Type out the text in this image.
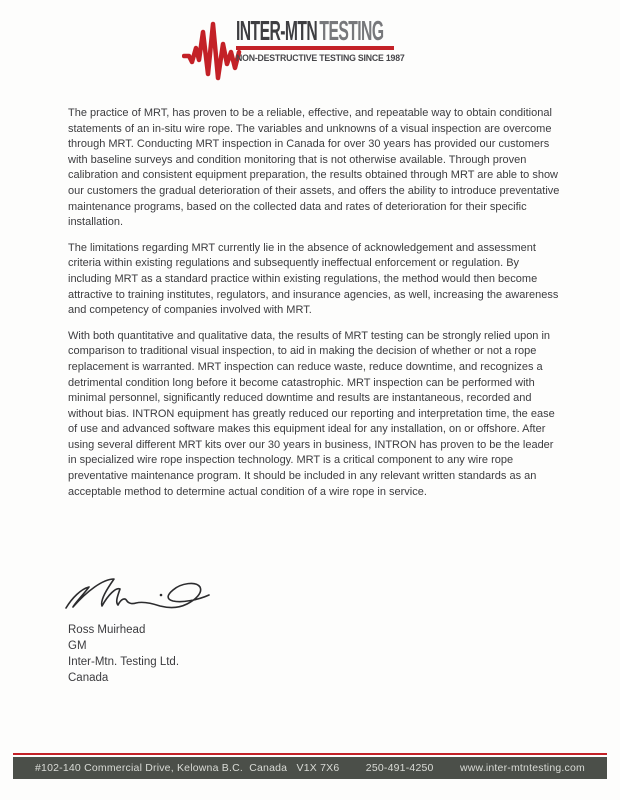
INTER-MTNTESTING
NON-DESTRUCTIVE TESTING SINCE 1987

The practice of MRT, has proven to be a reliable, effective, and repeatable way to obtain conditional statements of an in-situ wire rope. The variables and unknowns of a visual inspection are overcome through MRT. Conducting MRT inspection in Canada for over 30 years has provided our customers with baseline surveys and condition monitoring that is not otherwise available. Through proven calibration and consistent equipment preparation, the results obtained through MRT are able to show our customers the gradual deterioration of their assets, and offers the ability to introduce preventative maintenance programs, based on the collected data and rates of deterioration for their specific installation.

The limitations regarding MRT currently lie in the absence of acknowledgement and assessment criteria within existing regulations and subsequently ineffectual enforcement or regulation. By including MRT as a standard practice within existing regulations, the method would then become attractive to training institutes, regulators, and insurance agencies, as well, increasing the awareness and competency of companies involved with MRT.

With both quantitative and qualitative data, the results of MRT testing can be strongly relied upon in comparison to traditional visual inspection, to aid in making the decision of whether or not a rope replacement is warranted. MRT inspection can reduce waste, reduce downtime, and recognizes a detrimental condition long before it become catastrophic. MRT inspection can be performed with minimal personnel, significantly reduced downtime and results are instantaneous, recorded and without bias. INTRON equipment has greatly reduced our reporting and interpretation time, the ease of use and advanced software makes this equipment ideal for any installation, on or offshore. After using several different MRT kits over our 30 years in business, INTRON has proven to be the leader in specialized wire rope inspection technology. MRT is a critical component to any wire rope preventative maintenance program. It should be included in any relevant written standards as an acceptable method to determine actual condition of a wire rope in service.

Ross Muirhead
GM
Inter-Mtn. Testing Ltd.
Canada
#102-140 Commercial Drive, Kelowna B.C.  Canada   V1X 7X6	250-491-4250	www.inter-mtntesting.com
